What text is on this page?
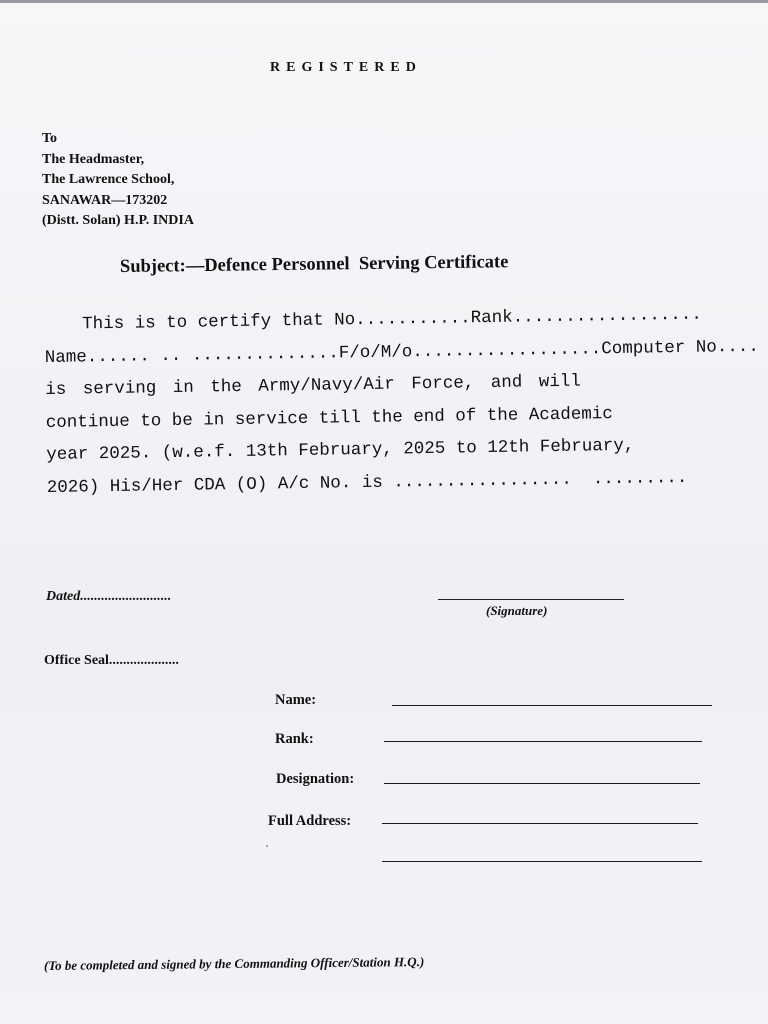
REGISTERED
To
The Headmaster,
The Lawrence School,
SANAWAR—173202
(Distt. Solan) H.P. INDIA
Subject:—Defence Personnel  Serving Certificate
This is to certify that No...........Rank..................
Name...... .. ..............F/o/M/o..................Computer No....
is serving in the Army/Navy/Air Force, and will
continue to be in service till the end of the Academic
year 2025. (w.e.f. 13th February, 2025 to 12th February,
2026) His/Her CDA (O) A/c No. is .................  .........
Dated..........................
(Signature)
Office Seal....................
Name:
Rank:
Designation:
Full Address:
(To be completed and signed by the Commanding Officer/Station H.Q.)
